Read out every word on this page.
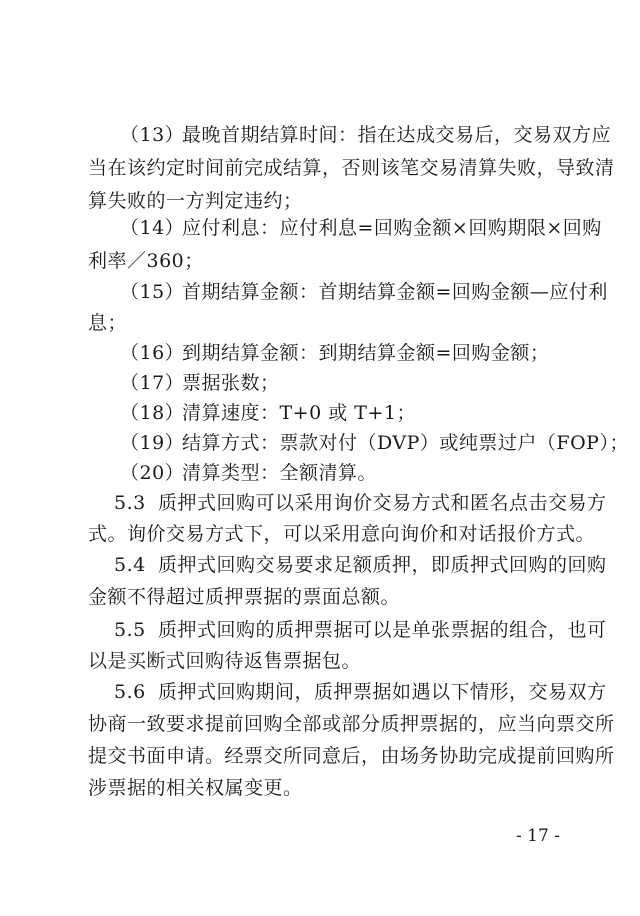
（13）最晚首期结算时间：指在达成交易后，交易双方应
当在该约定时间前完成结算，否则该笔交易清算失败，导致清
算失败的一方判定违约；
（14）应付利息：应付利息=回购金额×回购期限×回购
利率／360；
（15）首期结算金额：首期结算金额=回购金额—应付利
息；
（16）到期结算金额：到期结算金额=回购金额；
（17）票据张数；
（18）清算速度：T+0 或 T+1；
（19）结算方式：票款对付（DVP）或纯票过户（FOP）；
（20）清算类型：全额清算。
5.3 质押式回购可以采用询价交易方式和匿名点击交易方
式。询价交易方式下，可以采用意向询价和对话报价方式。
5.4 质押式回购交易要求足额质押，即质押式回购的回购
金额不得超过质押票据的票面总额。
5.5 质押式回购的质押票据可以是单张票据的组合，也可
以是买断式回购待返售票据包。
5.6 质押式回购期间，质押票据如遇以下情形，交易双方
协商一致要求提前回购全部或部分质押票据的，应当向票交所
提交书面申请。经票交所同意后，由场务协助完成提前回购所
涉票据的相关权属变更。
- 17 -
